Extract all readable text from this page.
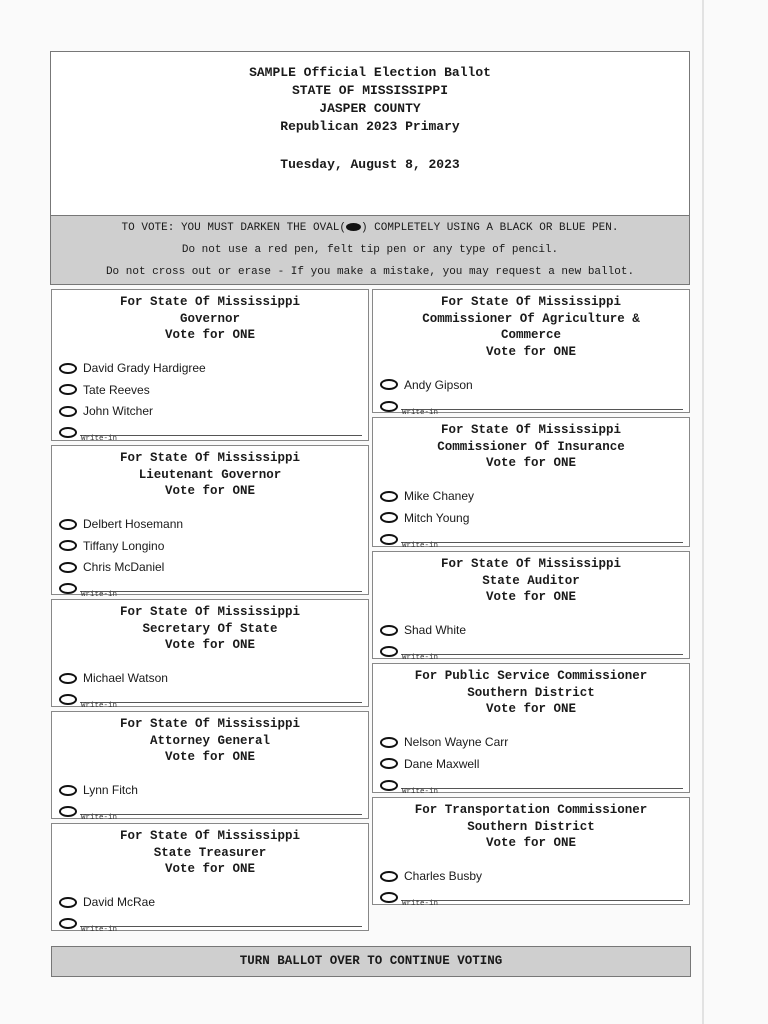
SAMPLE Official Election Ballot
STATE OF MISSISSIPPI
JASPER COUNTY
Republican 2023 Primary
Tuesday, August 8, 2023
TO VOTE: YOU MUST DARKEN THE OVAL( ) COMPLETELY USING A BLACK OR BLUE PEN.
Do not use a red pen, felt tip pen or any type of pencil.
Do not cross out or erase - If you make a mistake, you may request a new ballot.
For State Of Mississippi
Governor
Vote for ONE
David Grady Hardigree
Tate Reeves
John Witcher
Write-in
For State Of Mississippi
Lieutenant Governor
Vote for ONE
Delbert Hosemann
Tiffany Longino
Chris McDaniel
Write-in
For State Of Mississippi
Secretary Of State
Vote for ONE
Michael Watson
Write-in
For State Of Mississippi
Attorney General
Vote for ONE
Lynn Fitch
Write-in
For State Of Mississippi
State Treasurer
Vote for ONE
David McRae
Write-in
For State Of Mississippi
Commissioner Of Agriculture &
Commerce
Vote for ONE
Andy Gipson
Write-in
For State Of Mississippi
Commissioner Of Insurance
Vote for ONE
Mike Chaney
Mitch Young
Write-in
For State Of Mississippi
State Auditor
Vote for ONE
Shad White
Write-in
For Public Service Commissioner
Southern District
Vote for ONE
Nelson Wayne Carr
Dane Maxwell
Write-in
For Transportation Commissioner
Southern District
Vote for ONE
Charles Busby
Write-in
TURN BALLOT OVER TO CONTINUE VOTING
